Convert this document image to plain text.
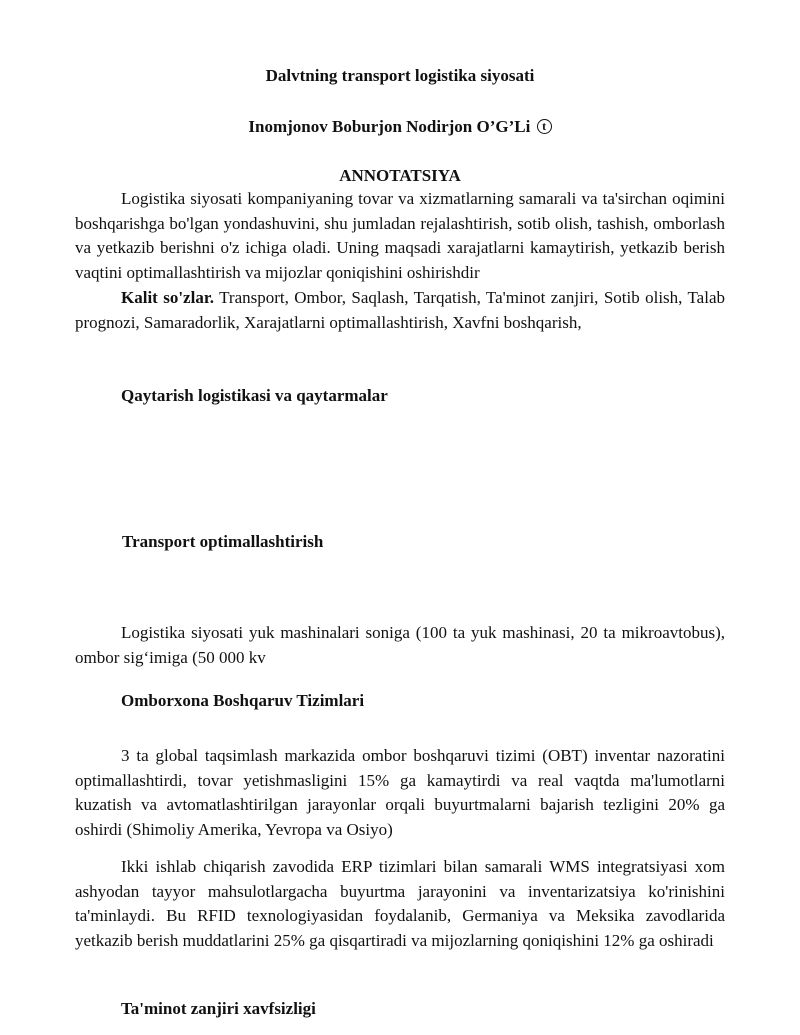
Dalvtning transport logistika siyosati
Inomjonov Boburjon Nodirjon O’G’Li t
ANNOTATSIYA
Logistika siyosati kompaniyaning tovar va xizmatlarning samarali va ta'sirchan oqimini boshqarishga bo'lgan yondashuvini, shu jumladan rejalashtirish, sotib olish, tashish, omborlash va yetkazib berishni o'z ichiga oladi. Uning maqsadi xarajatlarni kamaytirish, yetkazib berish vaqtini optimallashtirish va mijozlar qoniqishini oshirishdir
Kalit so'zlar. Transport, Ombor, Saqlash, Tarqatish, Ta'minot zanjiri, Sotib olish, Talab prognozi, Samaradorlik, Xarajatlarni optimallashtirish, Xavfni boshqarish,
Qaytarish logistikasi va qaytarmalar
Transport optimallashtirish
Logistika siyosati yuk mashinalari soniga (100 ta yuk mashinasi, 20 ta mikroavtobus), ombor sig‘imiga (50 000 kv
Omborxona Boshqaruv Tizimlari
3 ta global taqsimlash markazida ombor boshqaruvi tizimi (OBT) inventar nazoratini optimallashtirdi, tovar yetishmasligini 15% ga kamaytirdi va real vaqtda ma'lumotlarni kuzatish va avtomatlashtirilgan jarayonlar orqali buyurtmalarni bajarish tezligini 20% ga oshirdi (Shimoliy Amerika, Yevropa va Osiyo)
Ikki ishlab chiqarish zavodida ERP tizimlari bilan samarali WMS integratsiyasi xom ashyodan tayyor mahsulotlargacha buyurtma jarayonini va inventarizatsiya ko'rinishini ta'minlaydi. Bu RFID texnologiyasidan foydalanib, Germaniya va Meksika zavodlarida yetkazib berish muddatlarini 25% ga qisqartiradi va mijozlarning qoniqishini 12% ga oshiradi
Ta'minot zanjiri xavfsizligi
